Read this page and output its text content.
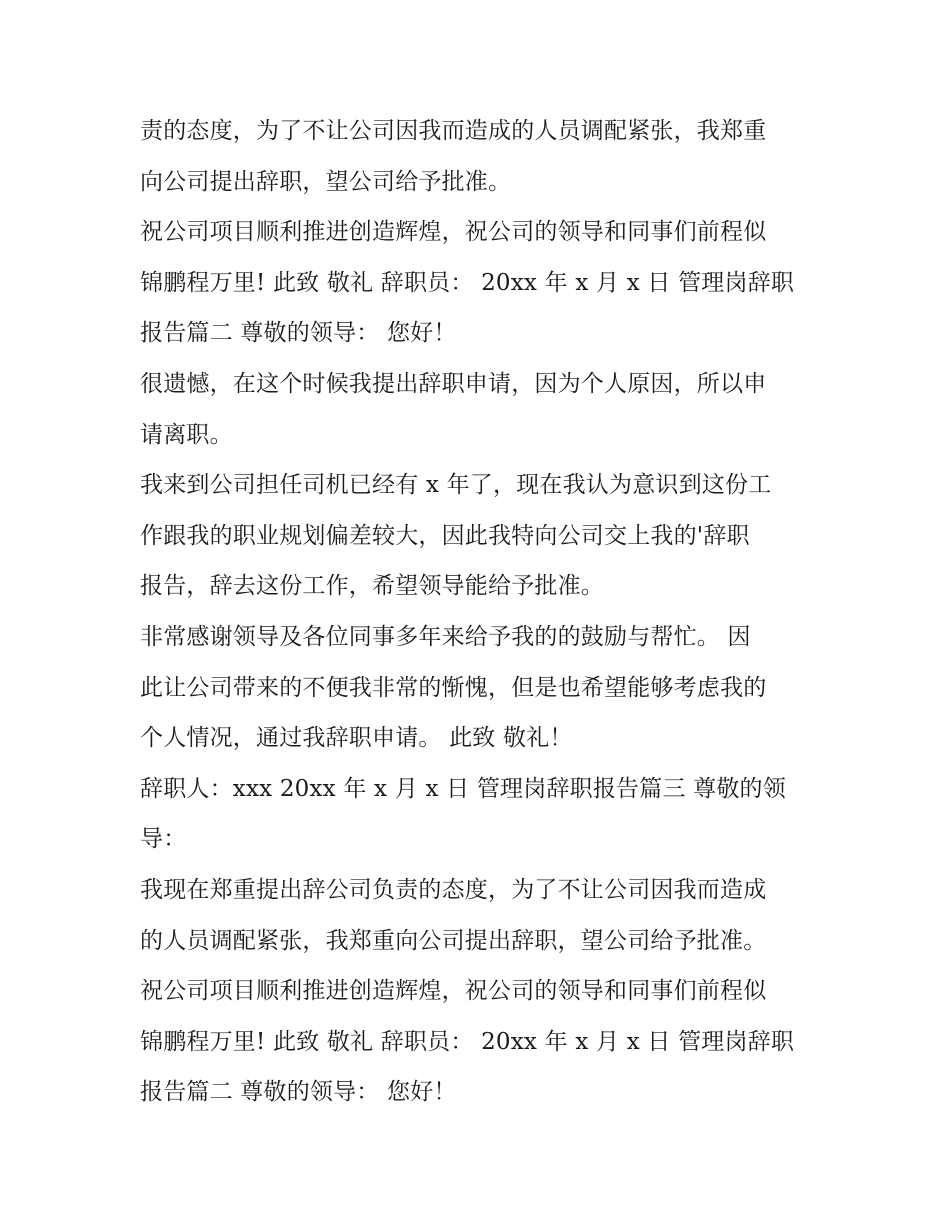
责的态度，为了不让公司因我而造成的人员调配紧张，我郑重
向公司提出辞职，望公司给予批准。
祝公司项目顺利推进创造辉煌，祝公司的领导和同事们前程似
锦鹏程万里! 此致 敬礼 辞职员： 20xx 年 x 月 x 日 管理岗辞职
报告篇二 尊敬的领导： 您好！
很遗憾，在这个时候我提出辞职申请，因为个人原因，所以申
请离职。
我来到公司担任司机已经有 x 年了，现在我认为意识到这份工
作跟我的职业规划偏差较大，因此我特向公司交上我的'辞职
报告，辞去这份工作，希望领导能给予批准。
非常感谢领导及各位同事多年来给予我的的鼓励与帮忙。 因
此让公司带来的不便我非常的惭愧，但是也希望能够考虑我的
个人情况，通过我辞职申请。 此致 敬礼！
辞职人：xxx 20xx 年 x 月 x 日 管理岗辞职报告篇三 尊敬的领
导：
我现在郑重提出辞公司负责的态度，为了不让公司因我而造成
的人员调配紧张，我郑重向公司提出辞职，望公司给予批准。
祝公司项目顺利推进创造辉煌，祝公司的领导和同事们前程似
锦鹏程万里! 此致 敬礼 辞职员： 20xx 年 x 月 x 日 管理岗辞职
报告篇二 尊敬的领导： 您好！
